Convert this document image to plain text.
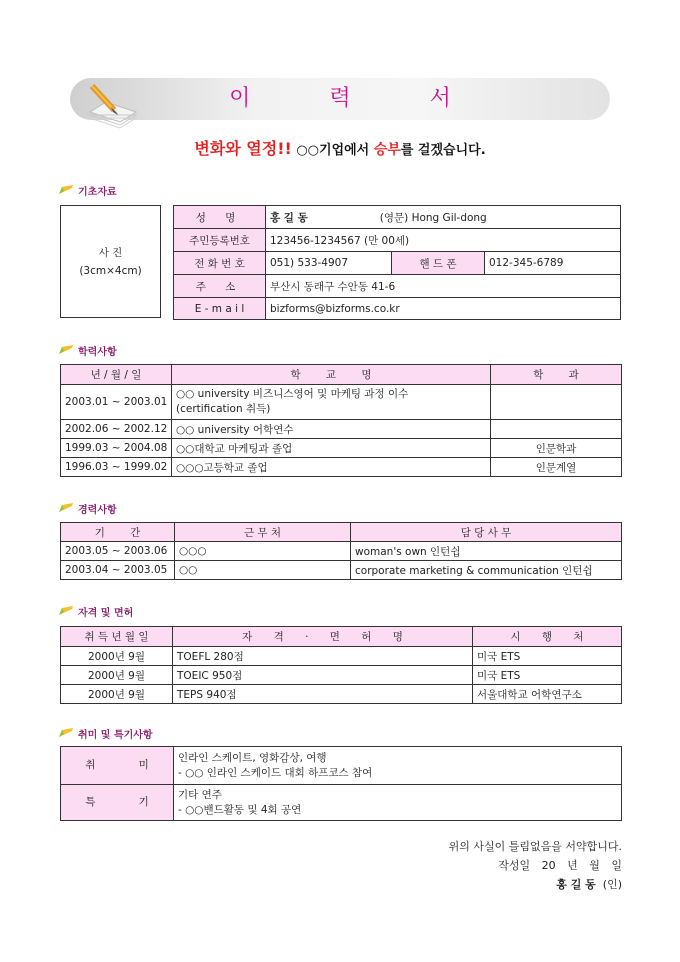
이 력 서
변화와 열정!! ○○기업에서 승부를 걸겠습니다.
기초자료
사 진
(3cm×4cm)
성 명	홍 길 동 (영문) Hong Gil-dong		
주민등록번호	123456-1234567 (만 00세)		
전 화 번 호	051) 533-4907	핸 드 폰	012-345-6789
주 소	부산시 동래구 수안동 41-6		
E - m a i l	bizforms@bizforms.co.kr		
학력사항
년 / 월 / 일	학 교 명	학 과
2003.01 ~ 2003.01	○○ university 비즈니스영어 및 마케팅 과정 이수
(certification 취득)	

2002.06 ~ 2002.12	○○ university 어학연수	
1999.03 ~ 2004.08	○○대학교 마케팅과 졸업	인문학과
1996.03 ~ 1999.02	○○○고등학교 졸업	인문계열
경력사항
기 간	근 무 처	담 당 사 무
2003.05 ~ 2003.06	○○○	woman's own 인턴쉽
2003.04 ~ 2003.05	○○	corporate marketing & communication 인턴쉽
자격 및 면허
취 득 년 월 일	자 격 · 면 허 명	시 행 처
2000년 9월	TOEFL 280점	미국 ETS
2000년 9월	TOEIC 950점	미국 ETS
2000년 9월	TEPS 940점	서울대학교 어학연구소
취미 및 특기사항
취 미	인라인 스케이트, 영화감상, 여행
- ○○ 인라인 스케이드 대회 하프코스 참여

특 기	기타 연주
- ○○밴드활동 및 4회 공연
위의 사실이 틀림없음을 서약합니다.
작성일 20 년 월 일
홍 길 동 (인)
